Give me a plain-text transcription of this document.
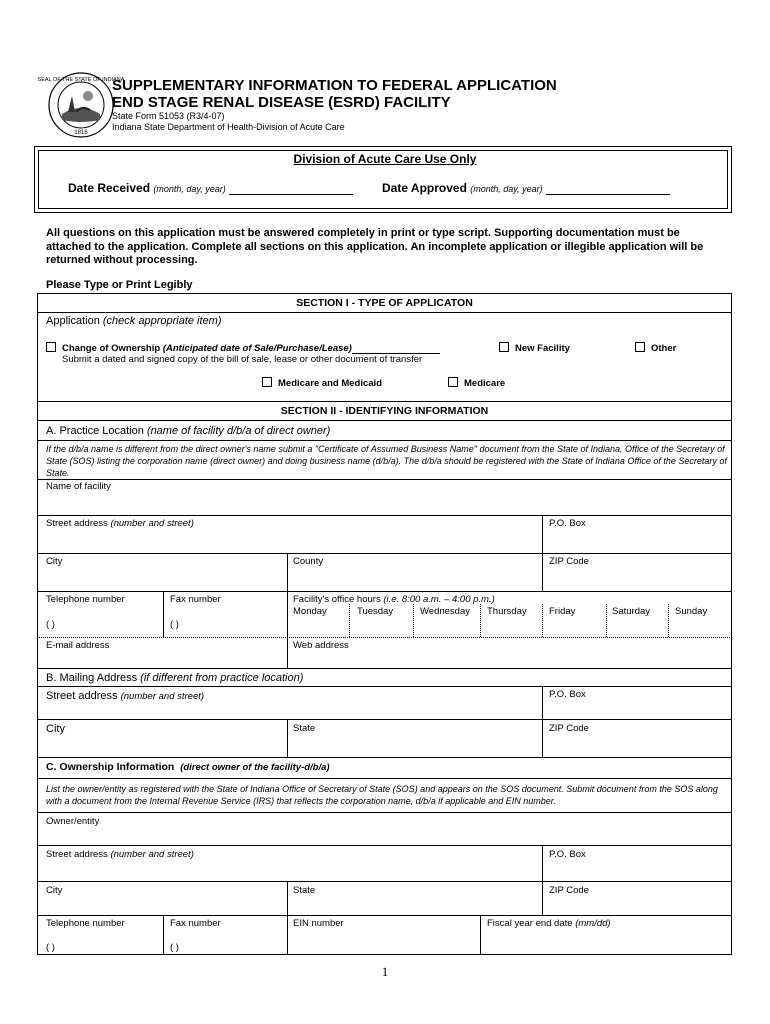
SEAL OF THE STATE OF INDIANA
1816
SUPPLEMENTARY INFORMATION TO FEDERAL APPLICATION
END STAGE RENAL DISEASE (ESRD) FACILITY
State Form 51053 (R3/4-07)
Indiana State Department of Health-Division of Acute Care
Division of Acute Care Use Only
Date Received (month, day, year)	Date Approved (month, day, year)
All questions on this application must be answered completely in print or type script. Supporting documentation must be attached to the application. Complete all sections on this application. An incomplete application or illegible application will be returned without processing.
Please Type or Print Legibly
SECTION I - TYPE OF APPLICATON
Application (check appropriate item)
Change of Ownership (Anticipated date of Sale/Purchase/Lease)
Submit a dated and signed copy of the bill of sale, lease or other document of transfer
New Facility	Other
Medicare and Medicaid	Medicare
SECTION II - IDENTIFYING INFORMATION
A. Practice Location (name of facility d/b/a of direct owner)
If the d/b/a name is different from the direct owner's name submit a "Certificate of Assumed Business Name" document from the State of Indiana, Office of the Secretary of State (SOS) listing the corporation name (direct owner) and doing business name (d/b/a). The d/b/a should be registered with the State of Indiana Office of the Secretary of State.
Name of facility
Street address (number and street)	P.O. Box
City	County	ZIP Code
Telephone number	Fax number
( )	( )
Facility's office hours (i.e. 8:00 a.m. – 4:00 p.m.)
Monday	Tuesday	Wednesday Thursday Friday	Saturday	Sunday
E-mail address	Web address
B. Mailing Address (if different from practice location)
Street address (number and street)	P.O. Box
City	State	ZIP Code
C. Ownership Information (direct owner of the facility-d/b/a)
List the owner/entity as registered with the State of Indiana Office of Secretary of State (SOS) and appears on the SOS document. Submit document from the SOS along with a document from the Internal Revenue Service (IRS) that reflects the corporation name, d/b/a if applicable and EIN number.
Owner/entity
Street address (number and street)	P.O. Box
City	State	ZIP Code
Telephone number	Fax number	EIN number	Fiscal year end date (mm/dd)
( )	( )
1
